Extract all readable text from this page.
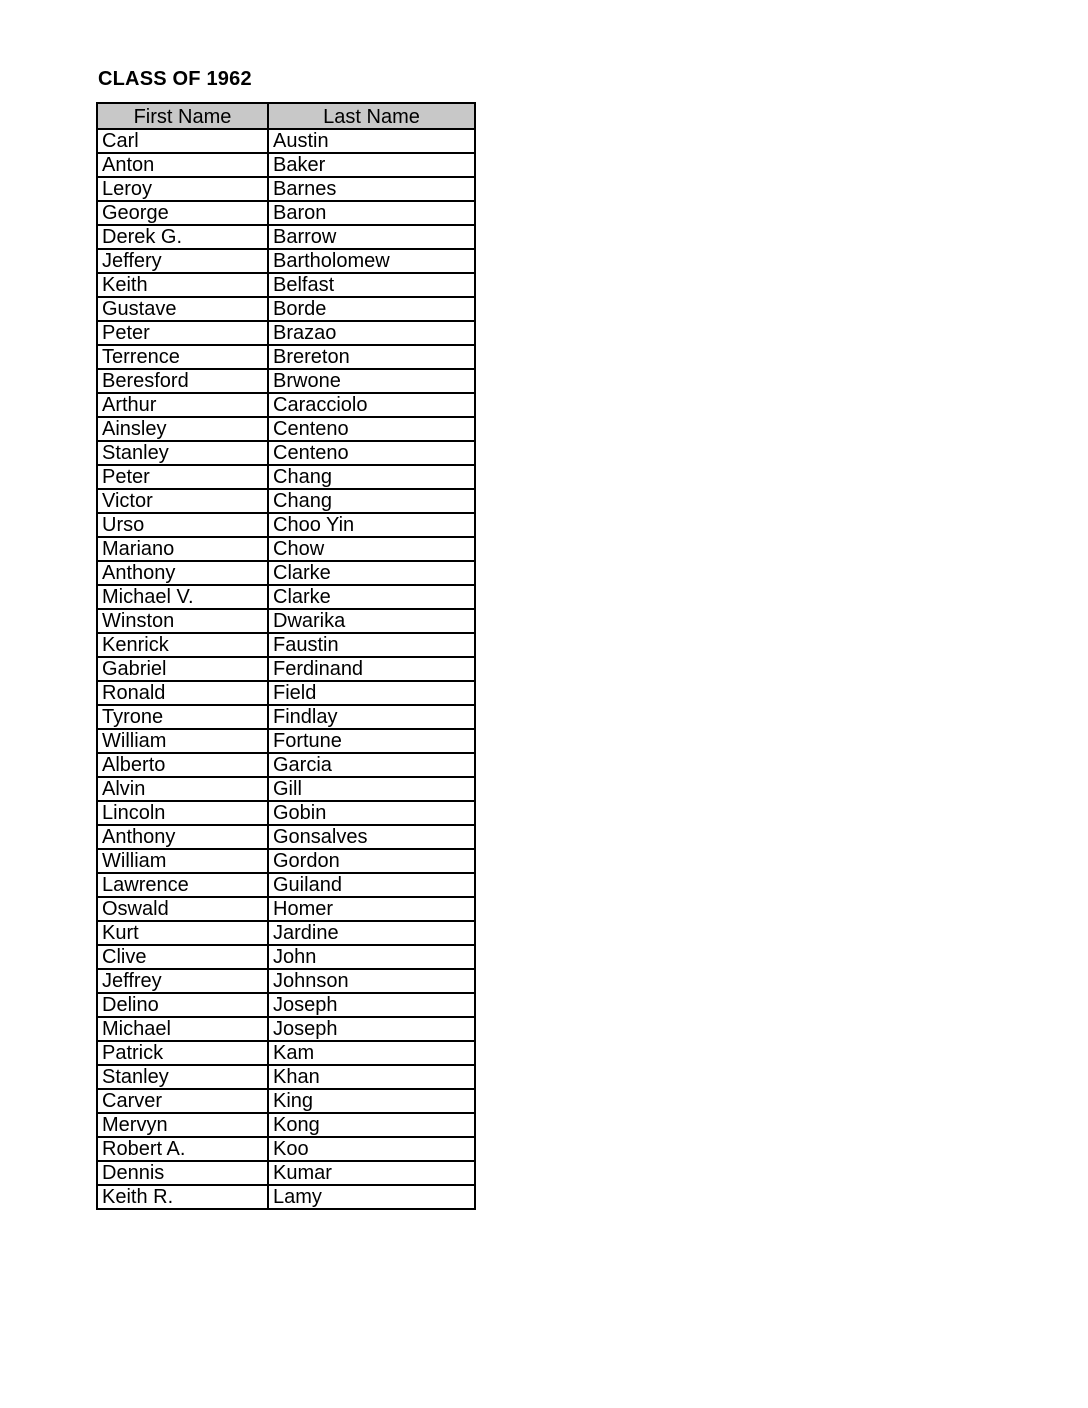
CLASS OF 1962
First Name	Last Name
Carl	Austin
Anton	Baker
Leroy	Barnes
George	Baron
Derek G.	Barrow
Jeffery	Bartholomew
Keith	Belfast
Gustave	Borde
Peter	Brazao
Terrence	Brereton
Beresford	Brwone
Arthur	Caracciolo
Ainsley	Centeno
Stanley	Centeno
Peter	Chang
Victor	Chang
Urso	Choo Yin
Mariano	Chow
Anthony	Clarke
Michael V.	Clarke
Winston	Dwarika
Kenrick	Faustin
Gabriel	Ferdinand
Ronald	Field
Tyrone	Findlay
William	Fortune
Alberto	Garcia
Alvin	Gill
Lincoln	Gobin
Anthony	Gonsalves
William	Gordon
Lawrence	Guiland
Oswald	Homer
Kurt	Jardine
Clive	John
Jeffrey	Johnson
Delino	Joseph
Michael	Joseph
Patrick	Kam
Stanley	Khan
Carver	King
Mervyn	Kong
Robert A.	Koo
Dennis	Kumar
Keith R.	Lamy
